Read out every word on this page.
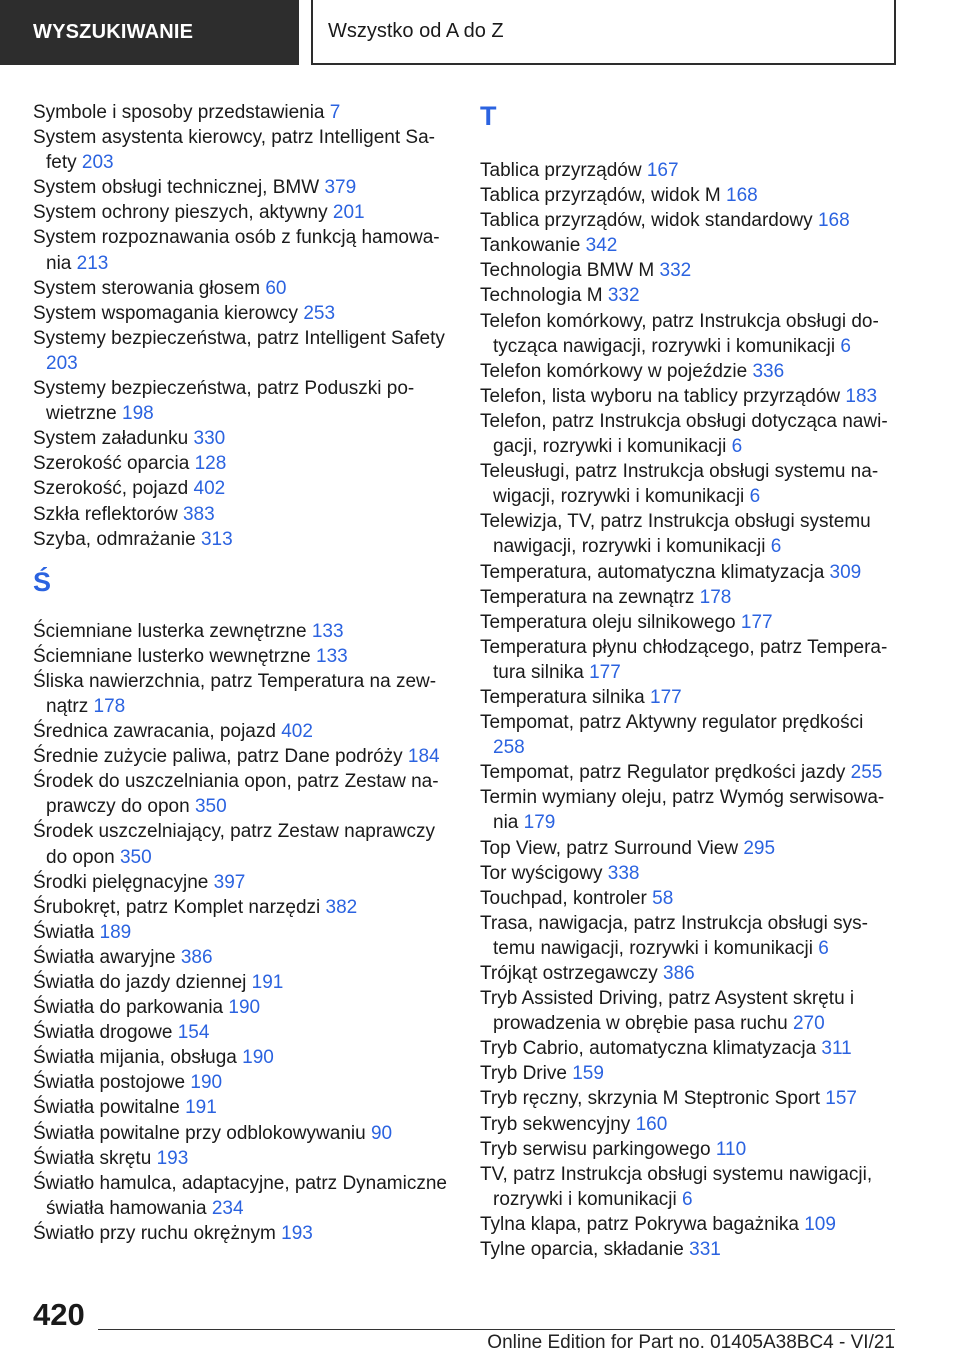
WYSZUKIWANIE	Wszystko od A do Z
Symbole i sposoby przedstawienia 7
System asystenta kierowcy, patrz Intelligent Safety 203
System obsługi technicznej, BMW 379
System ochrony pieszych, aktywny 201
System rozpoznawania osób z funkcją hamowania 213
System sterowania głosem 60
System wspomagania kierowcy 253
Systemy bezpieczeństwa, patrz Intelligent Safety 203
Systemy bezpieczeństwa, patrz Poduszki powietrzne 198
System załadunku 330
Szerokość oparcia 128
Szerokość, pojazd 402
Szkła reflektorów 383
Szyba, odmrażanie 313
Ś
Ściemniane lusterka zewnętrzne 133
Ściemniane lusterko wewnętrzne 133
Śliska nawierzchnia, patrz Temperatura na zewnątrz 178
Średnica zawracania, pojazd 402
Średnie zużycie paliwa, patrz Dane podróży 184
Środek do uszczelniania opon, patrz Zestaw naprawczy do opon 350
Środek uszczelniający, patrz Zestaw naprawczy do opon 350
Środki pielęgnacyjne 397
Śrubokręt, patrz Komplet narzędzi 382
Światła 189
Światła awaryjne 386
Światła do jazdy dziennej 191
Światła do parkowania 190
Światła drogowe 154
Światła mijania, obsługa 190
Światła postojowe 190
Światła powitalne 191
Światła powitalne przy odblokowywaniu 90
Światła skrętu 193
Światło hamulca, adaptacyjne, patrz Dynamiczne światła hamowania 234
Światło przy ruchu okrężnym 193
T
Tablica przyrządów 167
Tablica przyrządów, widok M 168
Tablica przyrządów, widok standardowy 168
Tankowanie 342
Technologia BMW M 332
Technologia M 332
Telefon komórkowy, patrz Instrukcja obsługi dotycząca nawigacji, rozrywki i komunikacji 6
Telefon komórkowy w pojeździe 336
Telefon, lista wyboru na tablicy przyrządów 183
Telefon, patrz Instrukcja obsługi dotycząca nawigacji, rozrywki i komunikacji 6
Teleusługi, patrz Instrukcja obsługi systemu nawigacji, rozrywki i komunikacji 6
Telewizja, TV, patrz Instrukcja obsługi systemu nawigacji, rozrywki i komunikacji 6
Temperatura, automatyczna klimatyzacja 309
Temperatura na zewnątrz 178
Temperatura oleju silnikowego 177
Temperatura płynu chłodzącego, patrz Temperatura silnika 177
Temperatura silnika 177
Tempomat, patrz Aktywny regulator prędkości 258
Tempomat, patrz Regulator prędkości jazdy 255
Termin wymiany oleju, patrz Wymóg serwisowania 179
Top View, patrz Surround View 295
Tor wyścigowy 338
Touchpad, kontroler 58
Trasa, nawigacja, patrz Instrukcja obsługi systemu nawigacji, rozrywki i komunikacji 6
Trójkąt ostrzegawczy 386
Tryb Assisted Driving, patrz Asystent skrętu i prowadzenia w obrębie pasa ruchu 270
Tryb Cabrio, automatyczna klimatyzacja 311
Tryb Drive 159
Tryb ręczny, skrzynia M Steptronic Sport 157
Tryb sekwencyjny 160
Tryb serwisu parkingowego 110
TV, patrz Instrukcja obsługi systemu nawigacji, rozrywki i komunikacji 6
Tylna klapa, patrz Pokrywa bagażnika 109
Tylne oparcia, składanie 331
420
Online Edition for Part no. 01405A38BC4 - VI/21
